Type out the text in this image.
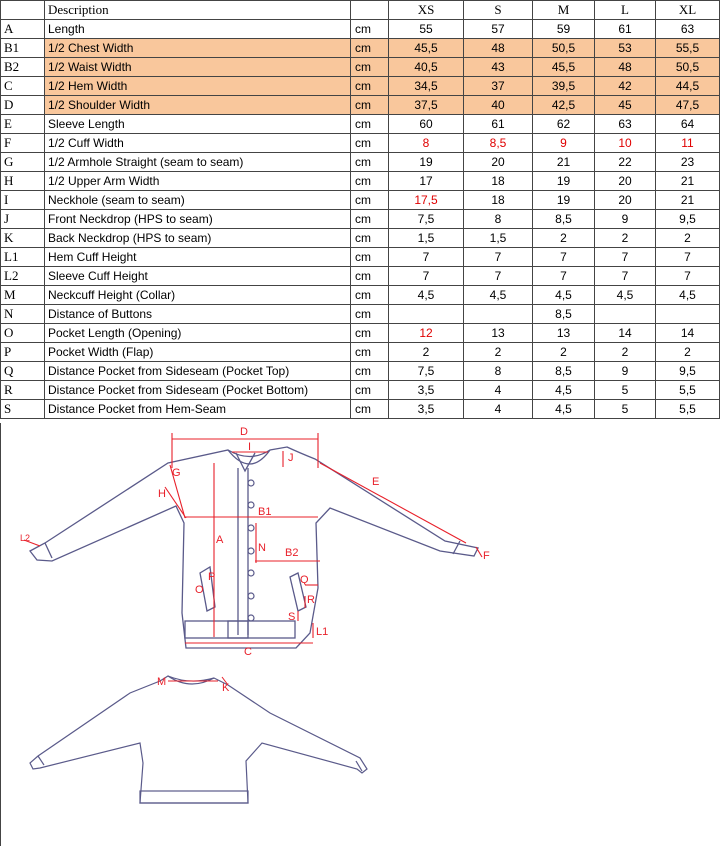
	Description		XS	S	M	L	XL
A	Length	cm	55	57	59	61	63
B1	1/2 Chest Width	cm	45,5	48	50,5	53	55,5
B2	1/2 Waist Width	cm	40,5	43	45,5	48	50,5
C	1/2 Hem Width	cm	34,5	37	39,5	42	44,5
D	1/2 Shoulder Width	cm	37,5	40	42,5	45	47,5
E	Sleeve Length	cm	60	61	62	63	64
F	1/2 Cuff Width	cm	8	8,5	9	10	11
G	1/2 Armhole Straight (seam to seam)	cm	19	20	21	22	23
H	1/2 Upper Arm Width	cm	17	18	19	20	21
I	Neckhole (seam to seam)	cm	17,5	18	19	20	21
J	Front Neckdrop (HPS to seam)	cm	7,5	8	8,5	9	9,5
K	Back Neckdrop (HPS to seam)	cm	1,5	1,5	2	2	2
L1	Hem Cuff Height	cm	7	7	7	7	7
L2	Sleeve Cuff Height	cm	7	7	7	7	7
M	Neckcuff Height (Collar)	cm	4,5	4,5	4,5	4,5	4,5
N	Distance of Buttons	cm			8,5		
O	Pocket Length (Opening)	cm	12	13	13	14	14
P	Pocket Width (Flap)	cm	2	2	2	2	2
Q	Distance Pocket from Sideseam (Pocket Top)	cm	7,5	8	8,5	9	9,5
R	Distance Pocket from Sideseam (Pocket Bottom)	cm	3,5	4	4,5	5	5,5
S	Distance Pocket from Hem-Seam	cm	3,5	4	4,5	5	5,5
D
I
J
G
H
E
B1
A
N B2
L2
F
P
O
Q
R
S
L1
C
M	K
